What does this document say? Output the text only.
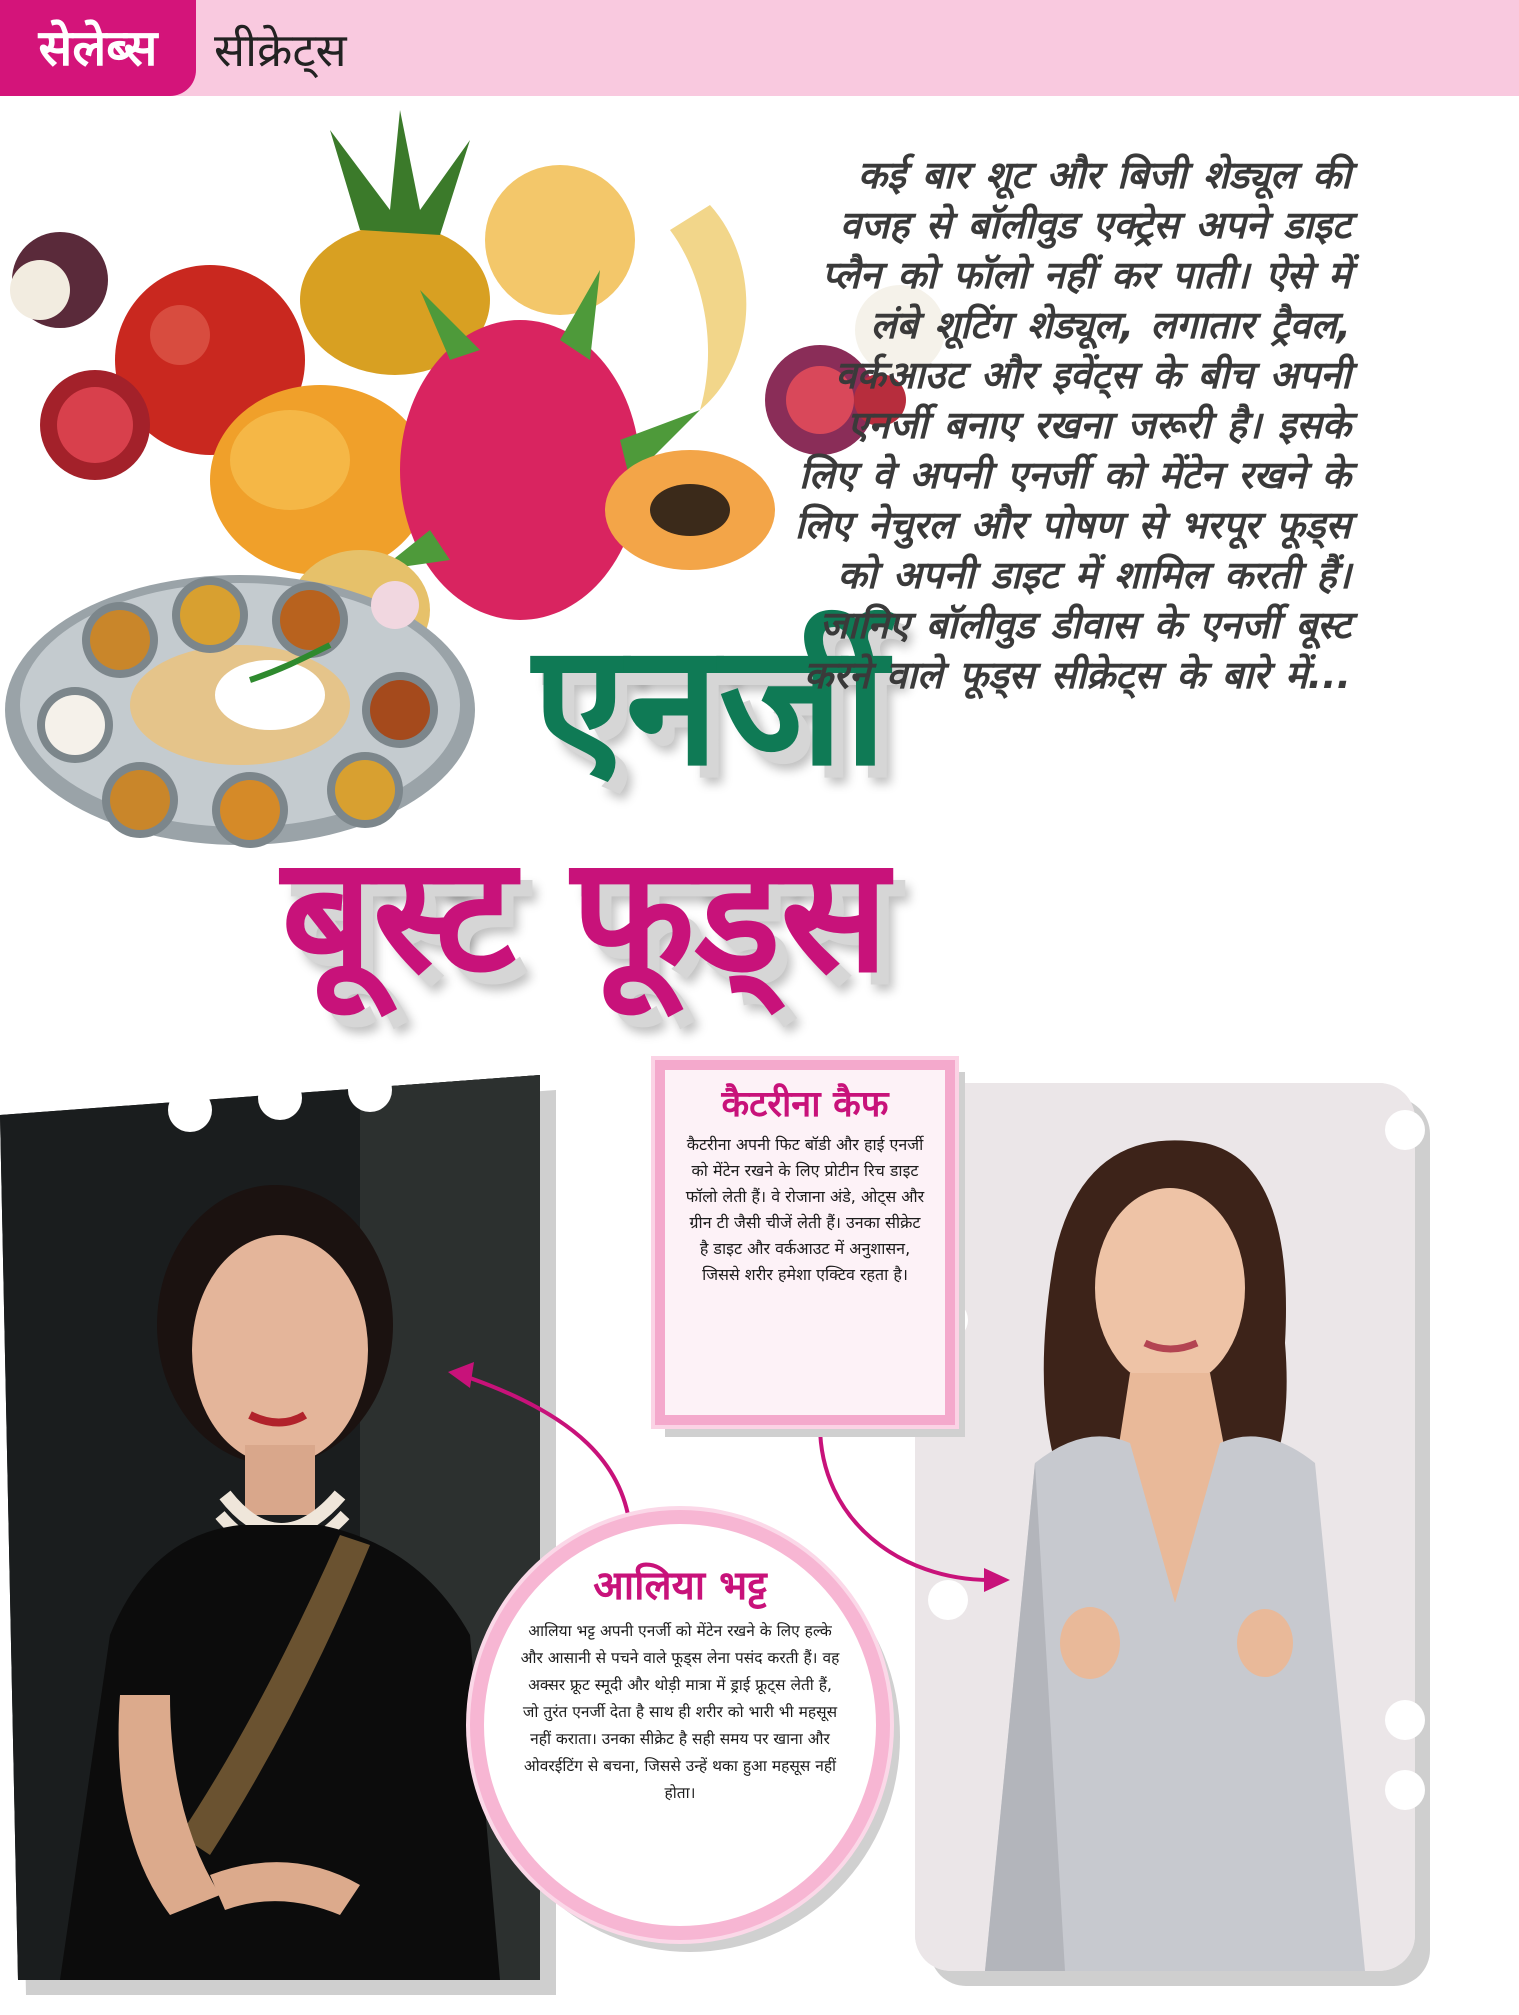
सेलेब्स	सीक्रेट्स
एनर्जी
बूस्ट फूड्स
कई बार शूट और बिजी शेड्यूल की वजह से बॉलीवुड एक्ट्रेस अपने डाइट प्लैन को फॉलो नहीं कर पाती। ऐसे में लंबे शूटिंग शेड्यूल, लगातार ट्रैवल, वर्कआउट और इवेंट्स के बीच अपनी एनर्जी बनाए रखना जरूरी है। इसके लिए वे अपनी एनर्जी को मेंटेन रखने के लिए नेचुरल और पोषण से भरपूर फूड्स को अपनी डाइट में शामिल करती हैं। जानिए बॉलीवुड डीवास के एनर्जी बूस्ट करने वाले फूड्स सीक्रेट्स के बारे में...
कैटरीना कैफ
कैटरीना अपनी फिट बॉडी और हाई एनर्जी को मेंटेन रखने के लिए प्रोटीन रिच डाइट फॉलो लेती हैं। वे रोजाना अंडे, ओट्स और ग्रीन टी जैसी चीजें लेती हैं। उनका सीक्रेट है डाइट और वर्कआउट में अनुशासन, जिससे शरीर हमेशा एक्टिव रहता है।
आलिया भट्ट
आलिया भट्ट अपनी एनर्जी को मेंटेन रखने के लिए हल्के और आसानी से पचने वाले फूड्स लेना पसंद करती हैं। वह अक्सर फ्रूट स्मूदी और थोड़ी मात्रा में ड्राई फ्रूट्स लेती हैं, जो तुरंत एनर्जी देता है साथ ही शरीर को भारी भी महसूस नहीं कराता। उनका सीक्रेट है सही समय पर खाना और ओवरईटिंग से बचना, जिससे उन्हें थका हुआ महसूस नहीं होता।
